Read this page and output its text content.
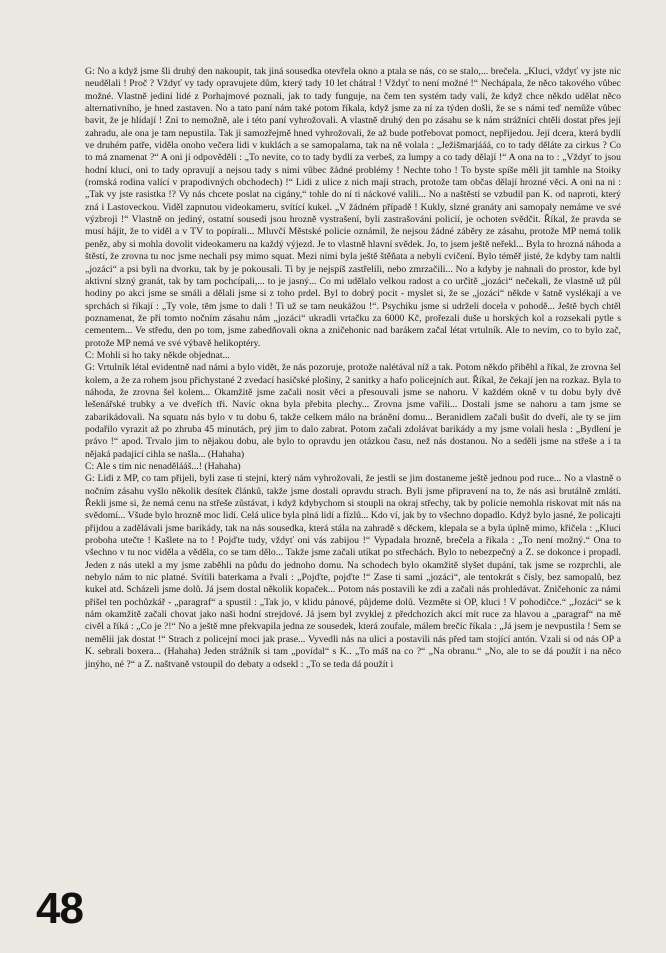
G: No a když jsme šli druhý den nakoupit, tak jiná sousedka otevřela okno a ptala se nás, co se stalo,... brečela. „Kluci, vždyť vy jste nic neudělali ! Proč ? Vždyť vy tady opravujete dům, který tady 10 let chátral ! Vždyť to není možné !“ Nechápala, že něco takového vůbec možné. Vlastně jediní lidé z Porhajmové poznali, jak to tady funguje, na čem ten systém tady valí, že když chce někdo udělat něco alternativního, je hned zastaven. No a tato paní nám také potom říkala, když jsme za ní za týden došli, že se s námi teď nemůže vůbec bavit, že je hlídají ! Zni to nemožně, ale i této paní vyhrožovali. A vlastně druhý den po zásahu se k nám strážníci chtěli dostat přes její zahradu, ale ona je tam nepustila. Tak ji samozřejmě hned vyhrožovali, že až bude potřebovat pomoct, nepřijedou. Její dcera, která bydlí ve druhém patře, viděla onoho večera lidi v kuklách a se samopalama, tak na ně volala : „Ježišmarjááá, co to tady děláte za cirkus ? Co to má znamenat ?“ A oni jí odpověděli : „To nevíte, co to tady bydlí za verbeš, za lumpy a co tady dělají !“ A ona na to : „Vždyť to jsou hodní kluci, oni to tady opravují a nejsou tady s nimi vůbec žádné problémy ! Nechte toho ! To byste spíše měli jít tamhle na Stoiky (romská rodina valící v prapodivných obchodech) !“ Lidi z ulice z nich mají strach, protože tam občas dělají hrozné věci. A oni na ni : „Tak vy jste rasistka !? Vy nás chcete poslat na cigány,“ tohle do ní ti náckové valili... No a naštěstí se vzbudil pan K. od naproti, který zná i Lastoveckou. Viděl zapnutou videokameru, svítící kukel. „V žádném případě ! Kukly, slzné granáty ani samopaly nemáme ve své výzbroji !“ Vlastně on jediný, ostatní sousedi jsou hrozně vystrašení, byli zastrašováni policií, je ochoten svědčit. Říkal, že pravda se musí hájit, že to viděl a v TV to popírali... Mluvčí Městské policie oznámil, že nejsou žádné záběry ze zásahu, protože MP nemá tolik peněz, aby si mohla dovolit videokameru na každý výjezd. Je to vlastně hlavní svědek. Jo, to jsem ještě neřekl... Byla to hrozná náhoda a štěstí, že zrovna tu noc jsme nechali psy mimo squat. Mezi nimi byla ještě štěňata a nebyli cvičení. Bylo téměř jisté, že kdyby tam naltli „jozáci“ a psi byli na dvorku, tak by je pokousali. Ti by je nejspíš zastřelili, nebo zmrzačili... No a kdyby je nahnali do prostor, kde byl aktivní slzný granát, tak by tam pochcípali,... to je jasný... Co mi udělalo velkou radost a co určitě „jozáci“ nečekali, že vlastně už půl hodiny po akci jsme se smáli a dělali jsme si z toho prdel. Byl to dobrý pocit - myslet si, že se „jozáci“ někde v šatně vyslékají a ve sprchách si říkají : „Ty vole, těm jsme to dali ! Ti už se tam neukážou !“. Psychiku jsme si udrželi docela v pohodě... Ještě bych chtěl poznamenat, že při tomto nočním zásahu nám „jozáci“ ukradli vrtačku za 6000 Kč, prořezali duše u horských kol a rozsekali pytle s cementem... Ve středu, den po tom, jsme zabedňovali okna a zničehonic nad barákem začal létat vrtulník. Ale to nevím, co to bylo zač, protože MP nemá ve své výbavě helikoptéry.

C: Mohli si ho taky někde objednat...

G: Vrtulník létal evidentně nad námi a bylo vidět, že nás pozoruje, protože nalétával níž a tak. Potom někdo přiběhl a říkal, že zrovna šel kolem, a že za rohem jsou přichystané 2 zvedací hasičské plošiny, 2 sanitky a hafo policejních aut. Říkal, že čekají jen na rozkaz. Byla to náhoda, že zrovna šel kolem... Okamžitě jsme začali nosit věci a přesouvali jsme se nahoru. V každém okně v tu dobu byly dvě lešenářské trubky a ve dveřích tři. Navíc okna byla přebita plechy... Zrovna jsme vařili... Dostali jsme se nahoru a tam jsme se zabarikádovali. Na squatu nás bylo v tu dobu 6, takže celkem málo na bránění domu... Beranidlem začali bušit do dveří, ale ty se jim podařilo vyrazit až po zhruba 45 minutách, prý jim to dalo zabrat. Potom začali zdolávat barikády a my jsme volali hesla : „Bydlení je právo !“ apod. Trvalo jim to nějakou dobu, ale bylo to opravdu jen otázkou času, než nás dostanou. No a seděli jsme na střeše a i ta nějaká padající cihla se našla... (Hahaha)

C: Ale s tím nic nenadělááš...! (Hahaha)

G: Lidi z MP, co tam přijeli, byli zase ti stejní, který nám vyhrožovali, že jestli se jim dostaneme ještě jednou pod ruce... No a vlastně o nočním zásahu vyšlo několik desítek článků, takže jsme dostali opravdu strach. Byli jsme připravení na to, že nás asi brutálně zmlátí. Řekli jsme si, že nemá cenu na střeše zůstávat, i když kdybychom si stoupli na okraj střechy, tak by policie nemohla riskovat mít nás na svědomí... Všude bylo hrozně moc lidí. Celá ulice byla plná lidí a fízlů... Kdo ví, jak by to všechno dopadlo. Když bylo jasné, že policajti přijdou a zadělávali jsme barikády, tak na nás sousedka, která stála na zahradě s děckem, klepala se a byla úplně mimo, křičela : „Kluci proboha utečte ! Kašlete na to ! Pojďte tudy, vždyť oni vás zabijou !“ Vypadala hrozně, brečela a říkala : „To není možný.“ Ona to všechno v tu noc viděla a věděla, co se tam dělo... Takže jsme začali utíkat po střechách. Bylo to nebezpečný a Z. se dokonce i propadl. Jeden z nás utekl a my jsme zaběhli na půdu do jednoho domu. Na schodech bylo okamžitě slyšet dupání, tak jsme se rozprchli, ale nebylo nám to nic platné. Svítili baterkama a řvali : „Pojďte, pojďte !“ Zase ti samí „jozáci“, ale tentokrát s čísly, bez samopalů, bez kukel atd. Scházeli jsme dolů. Já jsem dostal několik kopaček... Potom nás postavili ke zdi a začali nás prohledávat. Zničehonic za námi přišel ten pochůzkář - „paragraf“ a spustil : „Tak jo, v klidu pánové, půjdeme dolů. Vezměte si OP, kluci ! V pohodičce.“ „Jozáci“ se k nám okamžitě začali chovat jako naši hodní strejdové. Já jsem byl zvyklej z předchozích akcí mít ruce za hlavou a „paragraf“ na mě civěl a říká : „Co je ?!“ No a ještě mne překvapila jedna ze sousedek, která zoufale, málem brečíc říkala : „Já jsem je nevpustila ! Sem se nemělii jak dostat !“ Strach z policejní moci jak prase... Vyvedli nás na ulici a postavili nás před tam stojící antón. Vzali si od nás OP a K. sebrali boxera... (Hahaha) Jeden strážník si tam „povídal“ s K.. „To máš na co ?“ „Na obranu.“ „No, ale to se dá použít i na něco jinýho, né ?“ a Z. naštvaně vstoupil do debaty a odsekl : „To se teda dá použít i

48
